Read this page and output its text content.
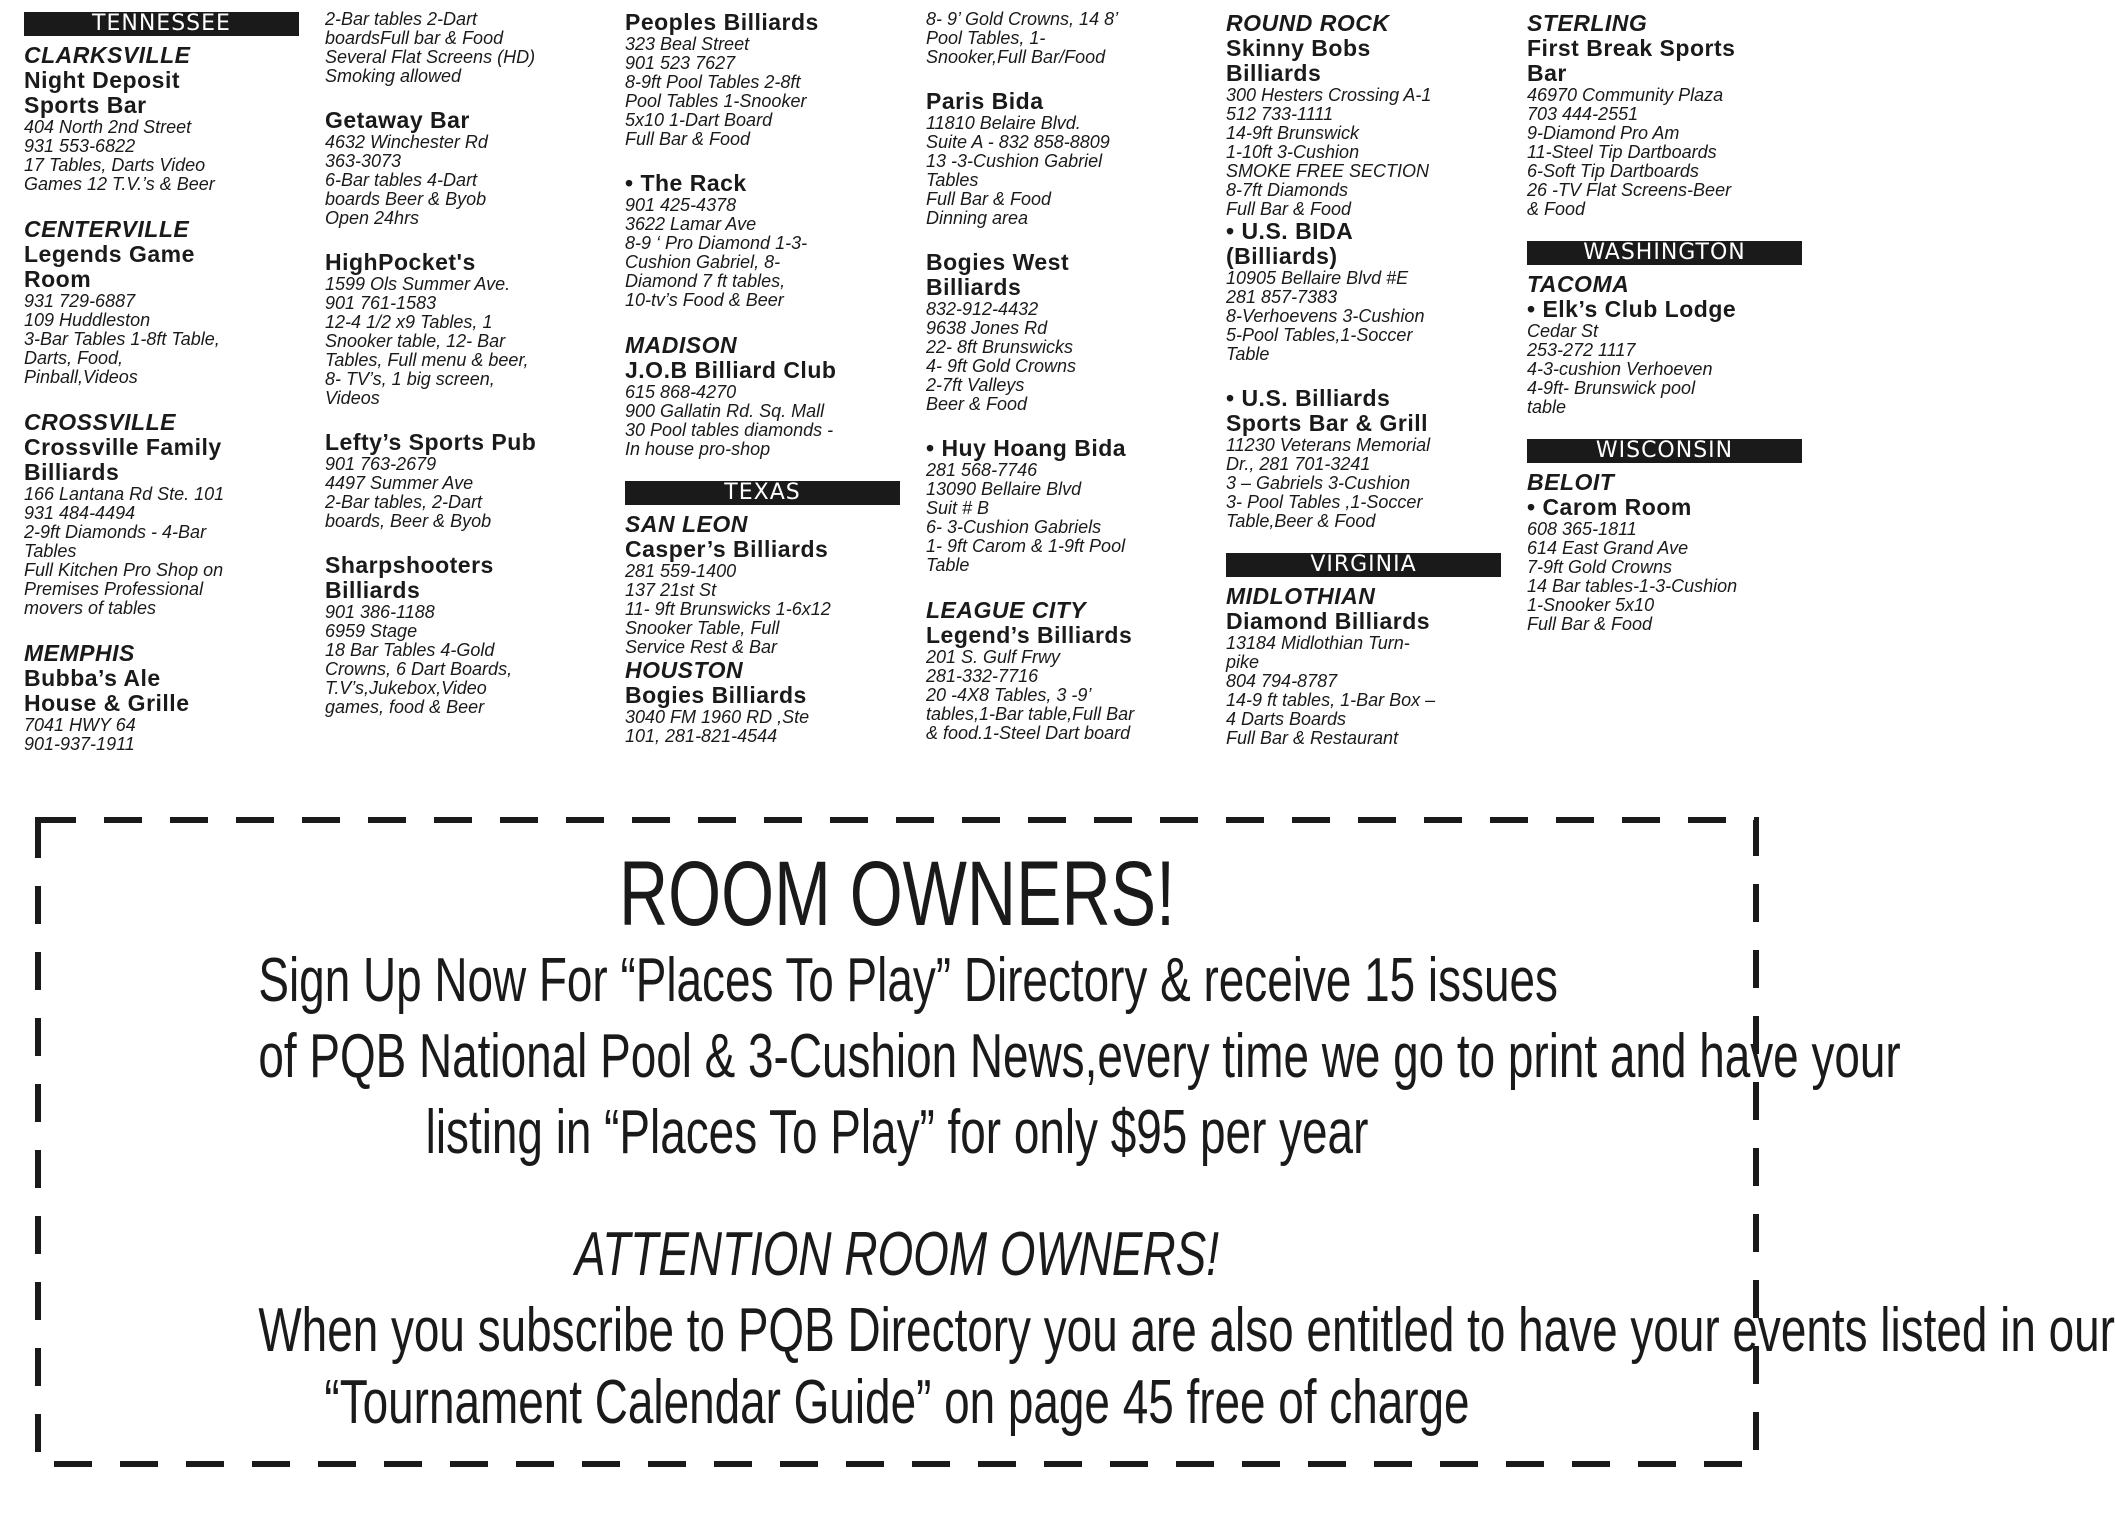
TENNESSEE
CLARKSVILLE
Night Deposit
Sports Bar
404 North 2nd Street
931 553-6822
17 Tables, Darts Video
Games 12 T.V.’s & Beer
CENTERVILLE
Legends Game
Room
931 729-6887
109 Huddleston
3-Bar Tables 1-8ft Table,
Darts, Food,
Pinball,Videos
CROSSVILLE
Crossville Family
Billiards
166 Lantana Rd Ste. 101
931 484-4494
2-9ft Diamonds - 4-Bar
Tables
Full Kitchen Pro Shop on
Premises Professional
movers of tables
MEMPHIS
Bubba’s Ale
House & Grille
7041 HWY 64
901-937-1911
2-Bar tables 2-Dart
boardsFull bar & Food
Several Flat Screens (HD)
Smoking allowed
Getaway Bar
4632 Winchester Rd
363-3073
6-Bar tables 4-Dart
boards Beer & Byob
Open 24hrs
HighPocket's
1599 Ols Summer Ave.
901 761-1583
12-4 1/2 x9 Tables, 1
Snooker table, 12- Bar
Tables, Full menu & beer,
8- TV’s, 1 big screen,
Videos
Lefty’s Sports Pub
901 763-2679
4497 Summer Ave
2-Bar tables, 2-Dart
boards, Beer & Byob
Sharpshooters
Billiards
901 386-1188
6959 Stage
18 Bar Tables 4-Gold
Crowns, 6 Dart Boards,
T.V’s,Jukebox,Video
games, food & Beer
Peoples Billiards
323 Beal Street
901 523 7627
8-9ft Pool Tables 2-8ft
Pool Tables 1-Snooker
5x10 1-Dart Board
Full Bar & Food
• The Rack
901 425-4378
3622 Lamar Ave
8-9 ‘ Pro Diamond 1-3-
Cushion Gabriel, 8-
Diamond 7 ft tables,
10-tv’s Food & Beer
MADISON
J.O.B Billiard Club
615 868-4270
900 Gallatin Rd. Sq. Mall
30 Pool tables diamonds -
In house pro-shop
TEXAS
SAN LEON
Casper’s Billiards
281 559-1400
137 21st St
11- 9ft Brunswicks 1-6x12
Snooker Table, Full
Service Rest & Bar
HOUSTON
Bogies Billiards
3040 FM 1960 RD ,Ste
101, 281-821-4544
8- 9’ Gold Crowns, 14 8’
Pool Tables, 1-
Snooker,Full Bar/Food
Paris Bida
11810 Belaire Blvd.
Suite A - 832 858-8809
13 -3-Cushion Gabriel
Tables
Full Bar & Food
Dinning area
Bogies West
Billiards
832-912-4432
9638 Jones Rd
22- 8ft Brunswicks
4- 9ft Gold Crowns
2-7ft Valleys
Beer & Food
• Huy Hoang Bida
281 568-7746
13090 Bellaire Blvd
Suit # B
6- 3-Cushion Gabriels
1- 9ft Carom & 1-9ft Pool
Table
LEAGUE CITY
Legend’s Billiards
201 S. Gulf Frwy
281-332-7716
20 -4X8 Tables, 3 -9’
tables,1-Bar table,Full Bar
& food.1-Steel Dart board
ROUND ROCK
Skinny Bobs
Billiards
300 Hesters Crossing A-1
512 733-1111
14-9ft Brunswick
1-10ft 3-Cushion
SMOKE FREE SECTION
8-7ft Diamonds
Full Bar & Food
• U.S. BIDA
(Billiards)
10905 Bellaire Blvd #E
281 857-7383
8-Verhoevens 3-Cushion
5-Pool Tables,1-Soccer
Table
• U.S. Billiards
Sports Bar & Grill
11230 Veterans Memorial
Dr., 281 701-3241
3 – Gabriels 3-Cushion
3- Pool Tables ,1-Soccer
Table,Beer & Food
VIRGINIA
MIDLOTHIAN
Diamond Billiards
13184 Midlothian Turn-
pike
804 794-8787
14-9 ft tables, 1-Bar Box –
4 Darts Boards
Full Bar & Restaurant
STERLING
First Break Sports
Bar
46970 Community Plaza
703 444-2551
9-Diamond Pro Am
11-Steel Tip Dartboards
6-Soft Tip Dartboards
26 -TV Flat Screens-Beer
& Food
WASHINGTON
TACOMA
• Elk’s Club Lodge
Cedar St
253-272 1117
4-3-cushion Verhoeven
4-9ft- Brunswick pool
table
WISCONSIN
BELOIT
• Carom Room
608 365-1811
614 East Grand Ave
7-9ft Gold Crowns
14 Bar tables-1-3-Cushion
1-Snooker 5x10
Full Bar & Food
ROOM OWNERS!
Sign Up Now For “Places To Play” Directory & receive 15 issues
of PQB National Pool & 3-Cushion News,every time we go to print and have your
listing in “Places To Play” for only $95 per year
ATTENTION ROOM OWNERS!
When you subscribe to PQB Directory you are also entitled to have your events listed in our
“Tournament Calendar Guide” on page 45 free of charge
